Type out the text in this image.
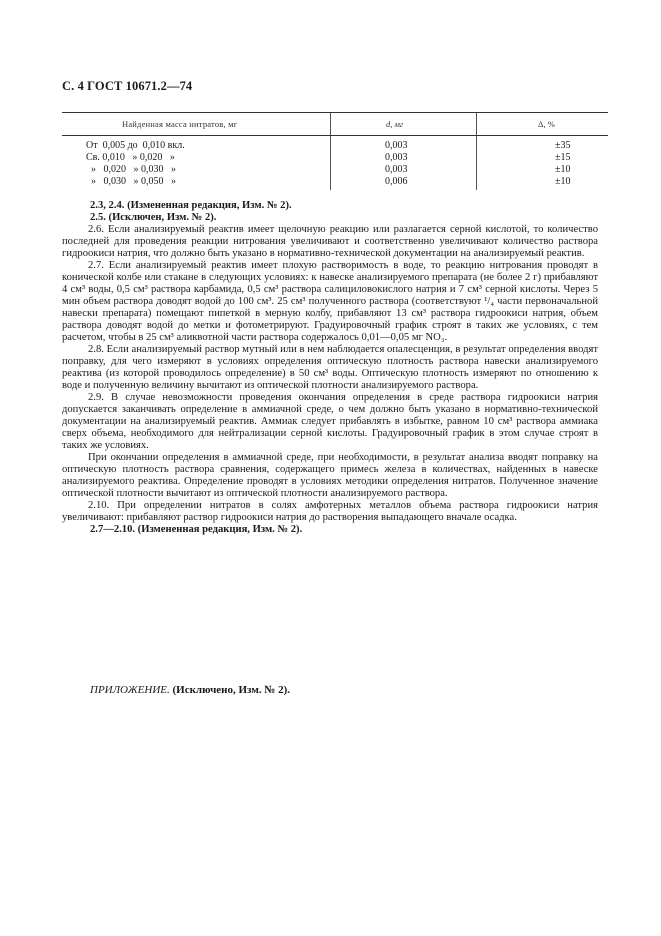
С. 4 ГОСТ 10671.2—74
Найденная масса нитратов, мг	d, мг	Δ, %
От  0,005 до  0,010 вкл.	0,003	±35
Св. 0,010   » 0,020   »	0,003	±15
»   0,020   » 0,030   »	0,003	±10
»   0,030   » 0,050   »	0,006	±10

2.3, 2.4. (Измененная редакция, Изм. № 2).

2.5. (Исключен, Изм. № 2).

2.6. Если анализируемый реактив имеет щелочную реакцию или разлагается серной кислотой, то количество последней для проведения реакции нитрования увеличивают и соответственно увеличивают количество раствора гидроокиси натрия, что должно быть указано в нормативно-технической документации на анализируемый реактив.

2.7. Если анализируемый реактив имеет плохую растворимость в воде, то реакцию нитрования проводят в конической колбе или стакане в следующих условиях: к навеске анализируемого препарата (не более 2 г) прибавляют 4 см³ воды, 0,5 см³ раствора карбамида, 0,5 см³ раствора салициловокислого натрия и 7 см³ серной кислоты. Через 5 мин объем раствора доводят водой до 100 см³. 25 см³ полученного раствора (соответствуют ¹/₄ части первоначальной навески препарата) помещают пипеткой в мерную колбу, прибавляют 13 см³ раствора гидроокиси натрия, объем раствора доводят водой до метки и фотометрируют. Градуировочный график строят в таких же условиях, с тем расчетом, чтобы в 25 см³ аликвотной части раствора содержалось 0,01—0,05 мг NO₃.

2.8. Если анализируемый раствор мутный или в нем наблюдается опалесценция, в результат определения вводят поправку, для чего измеряют в условиях определения оптическую плотность раствора навески анализируемого реактива (из которой проводилось определение) в 50 см³ воды. Оптическую плотность измеряют по отношению к воде и полученную величину вычитают из оптической плотности анализируемого раствора.

2.9. В случае невозможности проведения окончания определения в среде раствора гидроокиси натрия допускается заканчивать определение в аммиачной среде, о чем должно быть указано в нормативно-технической документации на анализируемый реактив. Аммиак следует прибавлять в избытке, равном 10 см³ раствора аммиака сверх объема, необходимого для нейтрализации серной кислоты. Градуировочный график в этом случае строят в таких же условиях.

При окончании определения в аммиачной среде, при необходимости, в результат анализа вводят поправку на оптическую плотность раствора сравнения, содержащего примесь железа в количествах, найденных в навеске анализируемого реактива. Определение проводят в условиях методики определения нитратов. Полученное значение оптической плотности вычитают из оптической плотности анализируемого раствора.

2.10. При определении нитратов в солях амфотерных металлов объема раствора гидроокиси натрия увеличивают: прибавляют раствор гидроокиси натрия до растворения выпадающего вначале осадка.

2.7—2.10. (Измененная редакция, Изм. № 2).

ПРИЛОЖЕНИЕ. (Исключено, Изм. № 2).
